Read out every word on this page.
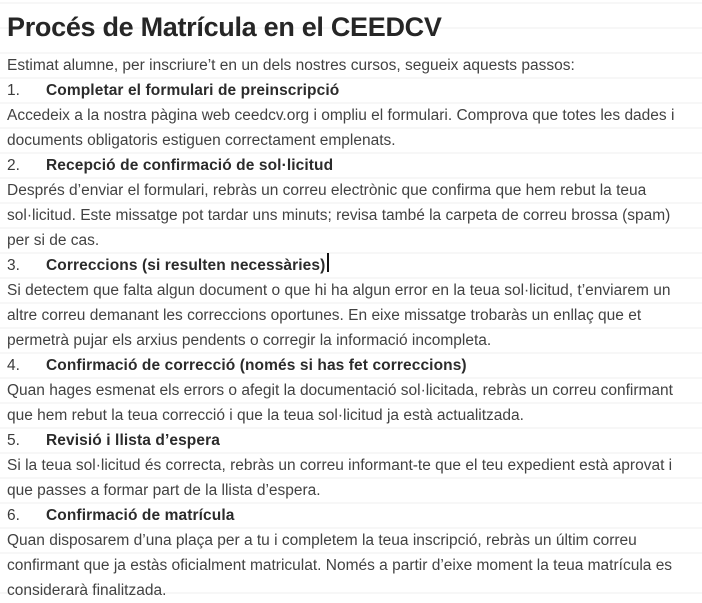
Procés de Matrícula en el CEEDCV

Estimat alumne, per inscriure’t en un dels nostres cursos, segueix aquests passos:

1.	Completar el formulari de preinscripció

Accedeix a la nostra pàgina web ceedcv.org i ompliu el formulari. Comprova que totes les dades i documents obligatoris estiguen correctament emplenats.

2.	Recepció de confirmació de sol·licitud

Després d’enviar el formulari, rebràs un correu electrònic que confirma que hem rebut la teua sol·licitud. Este missatge pot tardar uns minuts; revisa també la carpeta de correu brossa (spam) per si de cas.

3.	Correccions (si resulten necessàries)

Si detectem que falta algun document o que hi ha algun error en la teua sol·licitud, t’enviarem un altre correu demanant les correccions oportunes. En eixe missatge trobaràs un enllaç que et permetrà pujar els arxius pendents o corregir la informació incompleta.

4.	Confirmació de correcció (només si has fet correccions)

Quan hages esmenat els errors o afegit la documentació sol·licitada, rebràs un correu confirmant que hem rebut la teua correcció i que la teua sol·licitud ja està actualitzada.

5.	Revisió i llista d’espera

Si la teua sol·licitud és correcta, rebràs un correu informant-te que el teu expedient està aprovat i que passes a formar part de la llista d’espera.

6.	Confirmació de matrícula

Quan disposarem d’una plaça per a tu i completem la teua inscripció, rebràs un últim correu confirmant que ja estàs oficialment matriculat. Només a partir d’eixe moment la teua matrícula es considerarà finalitzada.
